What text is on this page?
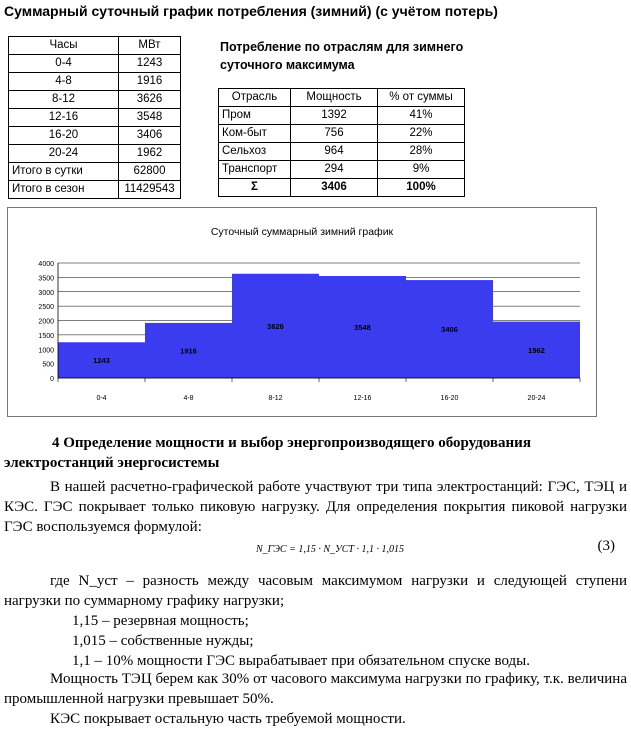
Суммарный суточный график потребления (зимний) (с учётом потерь)
Часы	МВт
0-4	1243
4-8	1916
8-12	3626
12-16	3548
16-20	3406
20-24	1962
Итого в сутки	62800
Итого в сезон	11429543
Потребление по отраслям для зимнего суточного максимума
Отрасль	Мощность	% от суммы
Пром	1392	41%
Ком-быт	756	22%
Сельхоз	964	28%
Транспорт	294	9%
Σ	3406	100%
Суточный суммарный зимний график
1243
1916
3626	3548	3406
1962
0
500
1000
1500
2000
2500
3000
3500
4000
0-4	4-8	8-12	12-16	16-20	20-24
4 Определение мощности и выбор энергопроизводящего оборудования
электростанций энергосистемы
В нашей расчетно-графической работе участвуют три типа электростанций: ГЭС, ТЭЦ и КЭС. ГЭС покрывает только пиковую нагрузку. Для определения покрытия пиковой нагрузки ГЭС воспользуемся формулой:
N_ГЭС = 1,15 · N_УСТ · 1,1 · 1,015	(3)
где N_уст – разность между часовым максимумом нагрузки и следующей ступени нагрузки по суммарному графику нагрузки;
1,15 – резервная мощность;
1,015 – собственные нужды;
1,1 – 10% мощности ГЭС вырабатывает при обязательном спуске воды.
Мощность ТЭЦ берем как 30% от часового максимума нагрузки по графику, т.к. величина промышленной нагрузки превышает 50%.
КЭС покрывает остальную часть требуемой мощности.
